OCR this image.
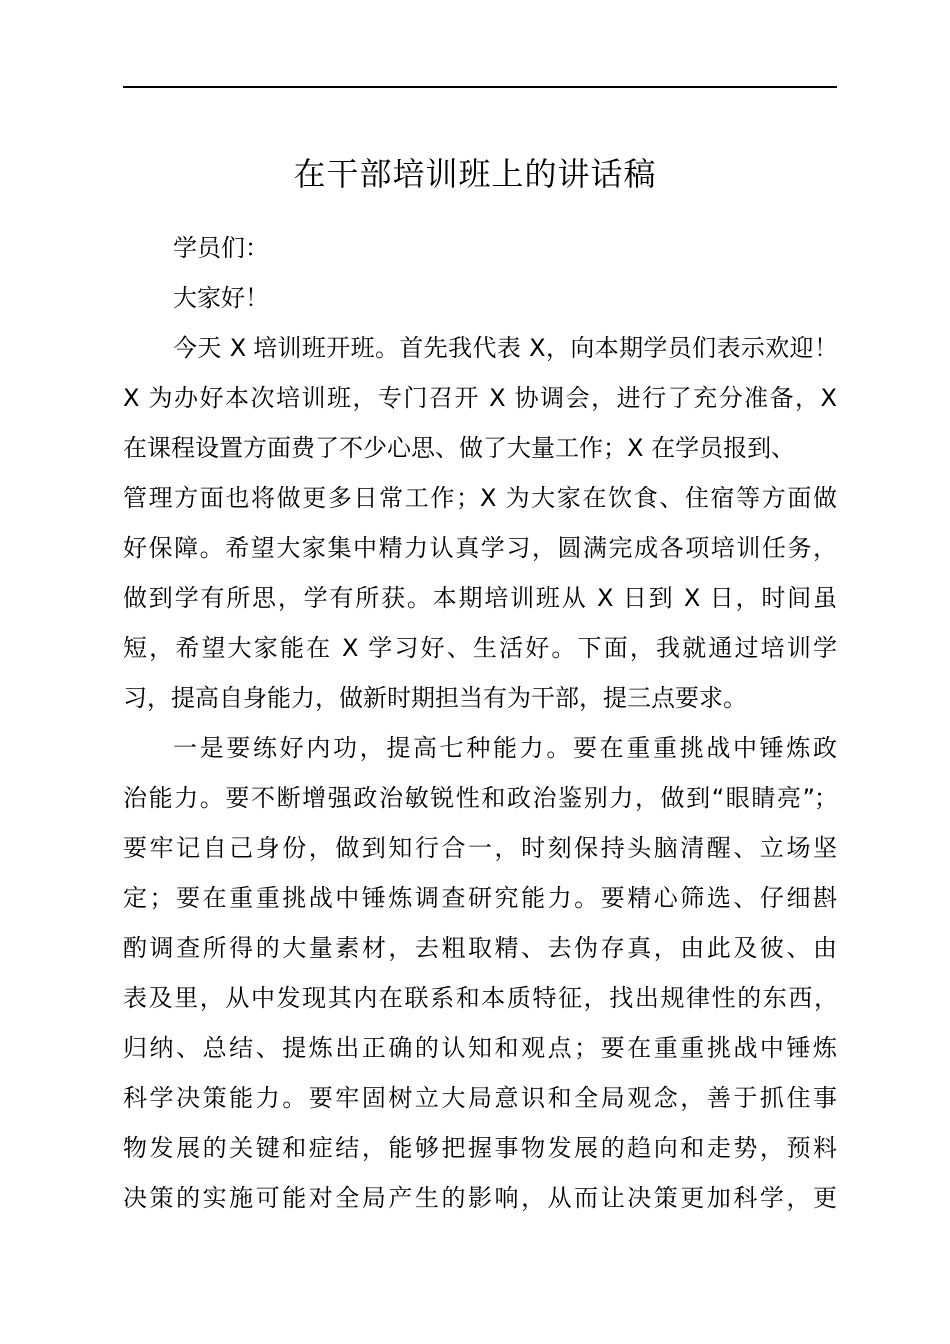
在干部培训班上的讲话稿
学员们：
大家好！
今天 X 培训班开班。首先我代表 X，向本期学员们表示欢迎！
X 为办好本次培训班，专门召开 X 协调会，进行了充分准备，X
在课程设置方面费了不少心思、做了大量工作；X 在学员报到、
管理方面也将做更多日常工作；X 为大家在饮食、住宿等方面做
好保障。希望大家集中精力认真学习，圆满完成各项培训任务，
做到学有所思，学有所获。本期培训班从 X 日到 X 日，时间虽
短，希望大家能在 X 学习好、生活好。下面，我就通过培训学
习，提高自身能力，做新时期担当有为干部，提三点要求。
一是要练好内功，提高七种能力。要在重重挑战中锤炼政
治能力。要不断增强政治敏锐性和政治鉴别力，做到“眼睛亮”；
要牢记自己身份，做到知行合一，时刻保持头脑清醒、立场坚
定；要在重重挑战中锤炼调查研究能力。要精心筛选、仔细斟
酌调查所得的大量素材，去粗取精、去伪存真，由此及彼、由
表及里，从中发现其内在联系和本质特征，找出规律性的东西，
归纳、总结、提炼出正确的认知和观点；要在重重挑战中锤炼
科学决策能力。要牢固树立大局意识和全局观念，善于抓住事
物发展的关键和症结，能够把握事物发展的趋向和走势，预料
决策的实施可能对全局产生的影响，从而让决策更加科学，更
